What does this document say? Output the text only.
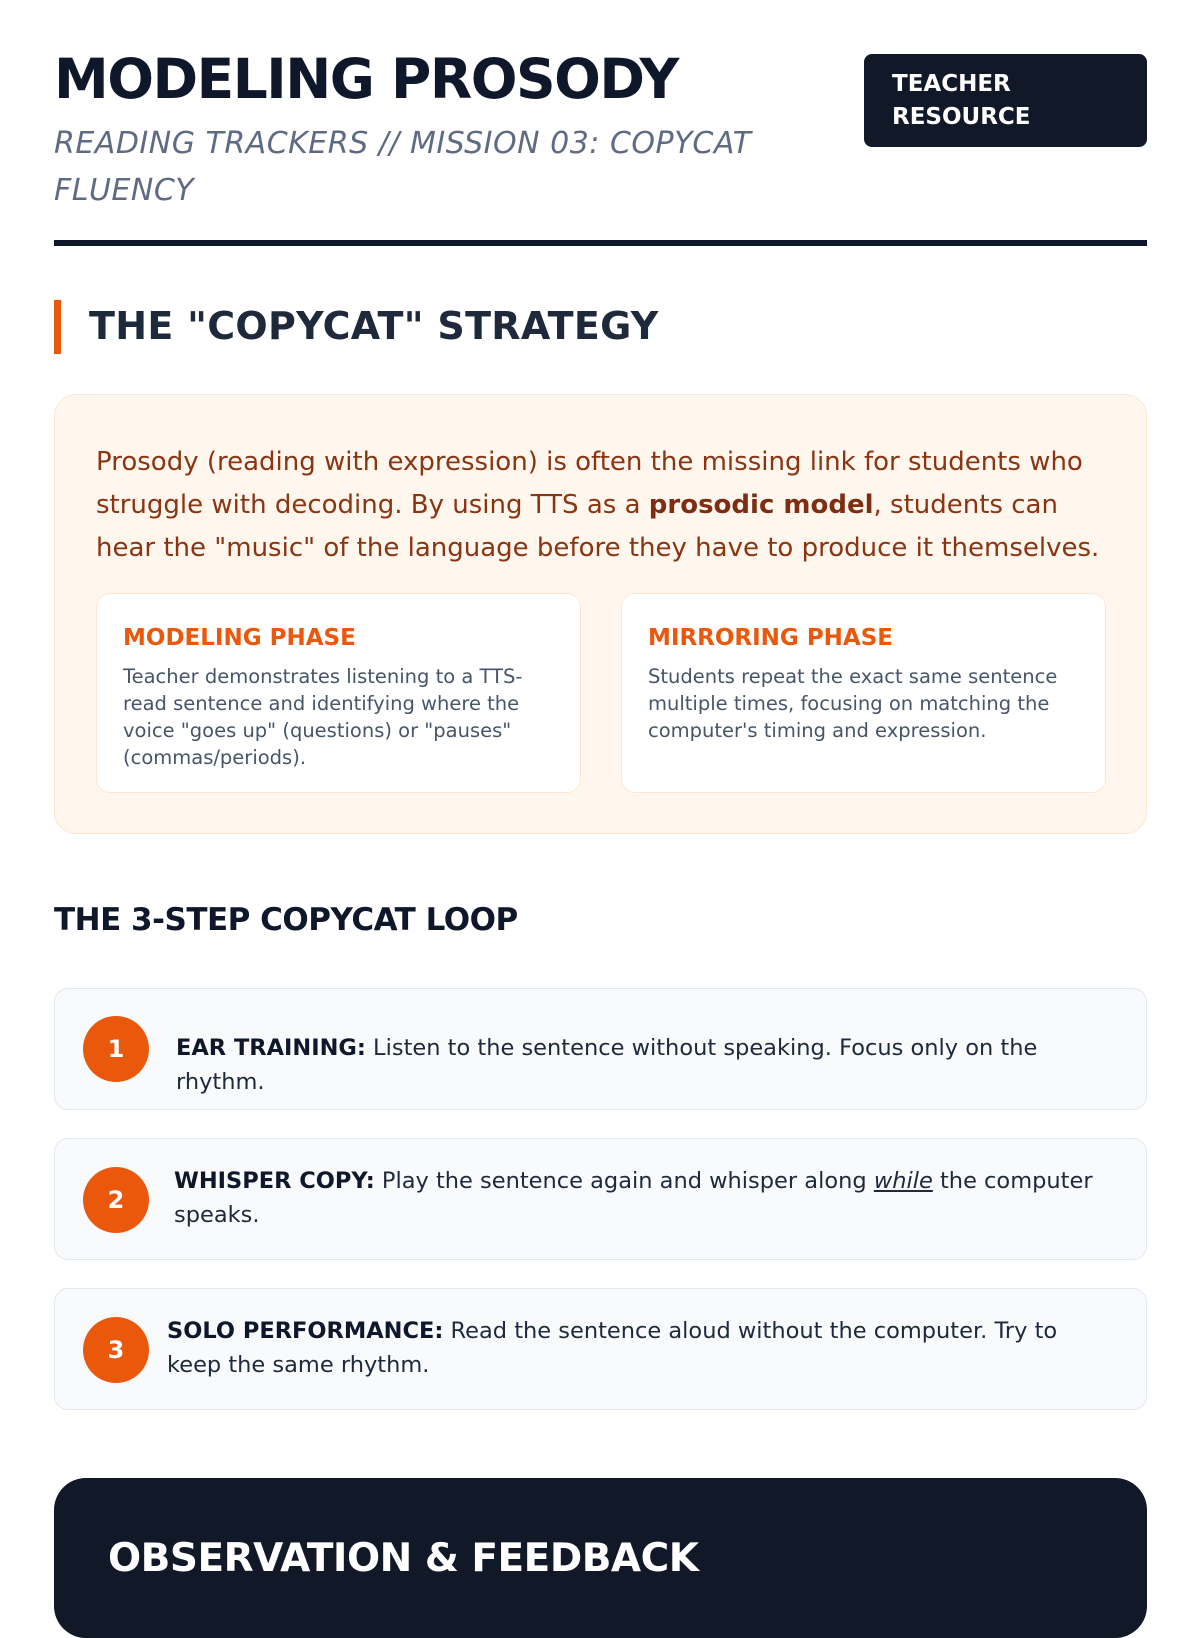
MODELING PROSODY

READING TRACKERS // MISSION 03: COPYCAT FLUENCY

TEACHER RESOURCE
THE "COPYCAT" STRATEGY

Prosody (reading with expression) is often the missing link for students who struggle with decoding. By using TTS as a prosodic model, students can hear the "music" of the language before they have to produce it themselves.

MODELING PHASE

Teacher demonstrates listening to a TTS-read sentence and identifying where the voice "goes up" (questions) or "pauses" (commas/periods).

MIRRORING PHASE

Students repeat the exact same sentence multiple times, focusing on matching the computer's timing and expression.

THE 3-STEP COPYCAT LOOP
1	EAR TRAINING: Listen to the sentence without speaking. Focus only on the rhythm.

2

WHISPER COPY: Play the sentence again and whisper along while the computer speaks.

3

SOLO PERFORMANCE: Read the sentence aloud without the computer. Try to keep the same rhythm.

OBSERVATION & FEEDBACK
